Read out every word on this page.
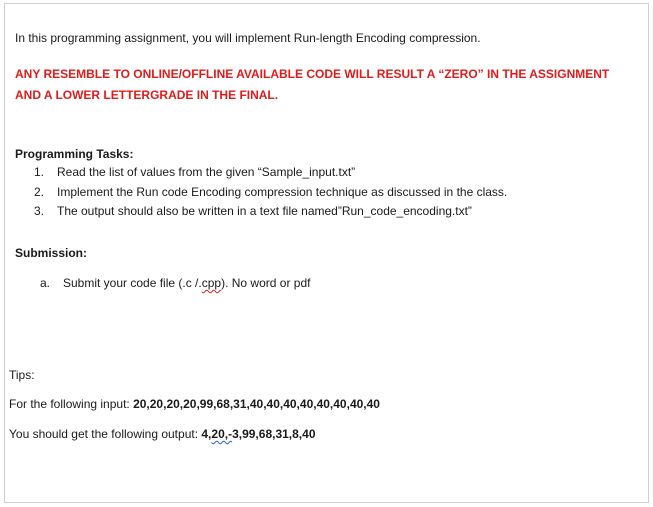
In this programming assignment, you will implement Run-length Encoding compression.
ANY RESEMBLE TO ONLINE/OFFLINE AVAILABLE CODE WILL RESULT A “ZERO” IN THE ASSIGNMENT
AND A LOWER LETTERGRADE IN THE FINAL.
Programming Tasks:
1. Read the list of values from the given “Sample_input.txt”
2. Implement the Run code Encoding compression technique as discussed in the class.
3. The output should also be written in a text file named”Run_code_encoding.txt”
Submission:
a. Submit your code file (.c /.cpp). No word or pdf
Tips:
For the following input: 20,20,20,20,99,68,31,40,40,40,40,40,40,40,40
You should get the following output: 4,20,-3,99,68,31,8,40
